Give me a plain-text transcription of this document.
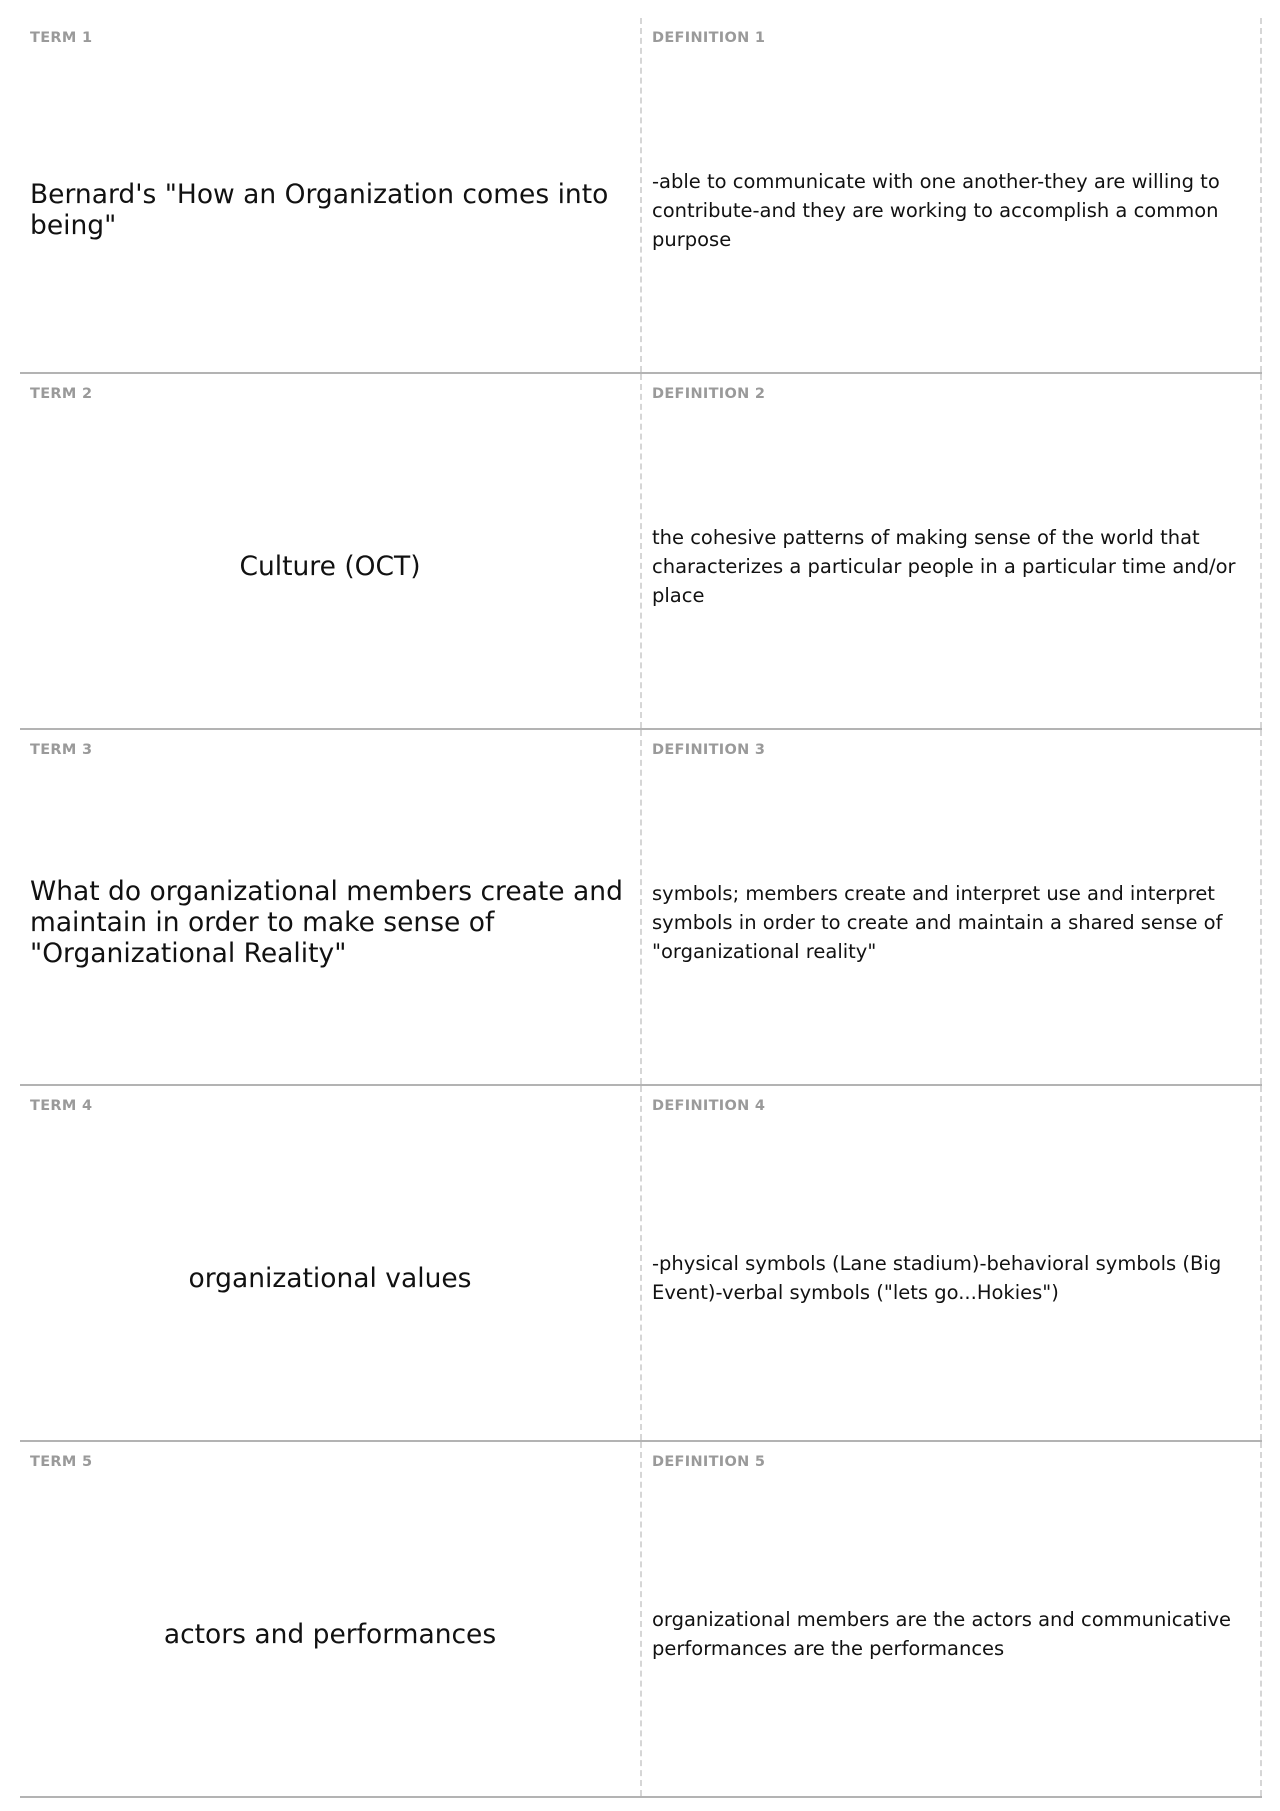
TERM 1
Bernard's "How an Organization comes into being"
DEFINITION 1
-able to communicate with one another-they are willing to contribute-and they are working to accomplish a common purpose
TERM 2
Culture (OCT)
DEFINITION 2
the cohesive patterns of making sense of the world that characterizes a particular people in a particular time and/or place
TERM 3
What do organizational members create and maintain in order to make sense of "Organizational Reality"
DEFINITION 3
symbols; members create and interpret use and interpret symbols in order to create and maintain a shared sense of "organizational reality"
TERM 4
organizational values
DEFINITION 4
-physical symbols (Lane stadium)-behavioral symbols (Big Event)-verbal symbols ("lets go...Hokies")
TERM 5
actors and performances
DEFINITION 5
organizational members are the actors and communicative performances are the performances
